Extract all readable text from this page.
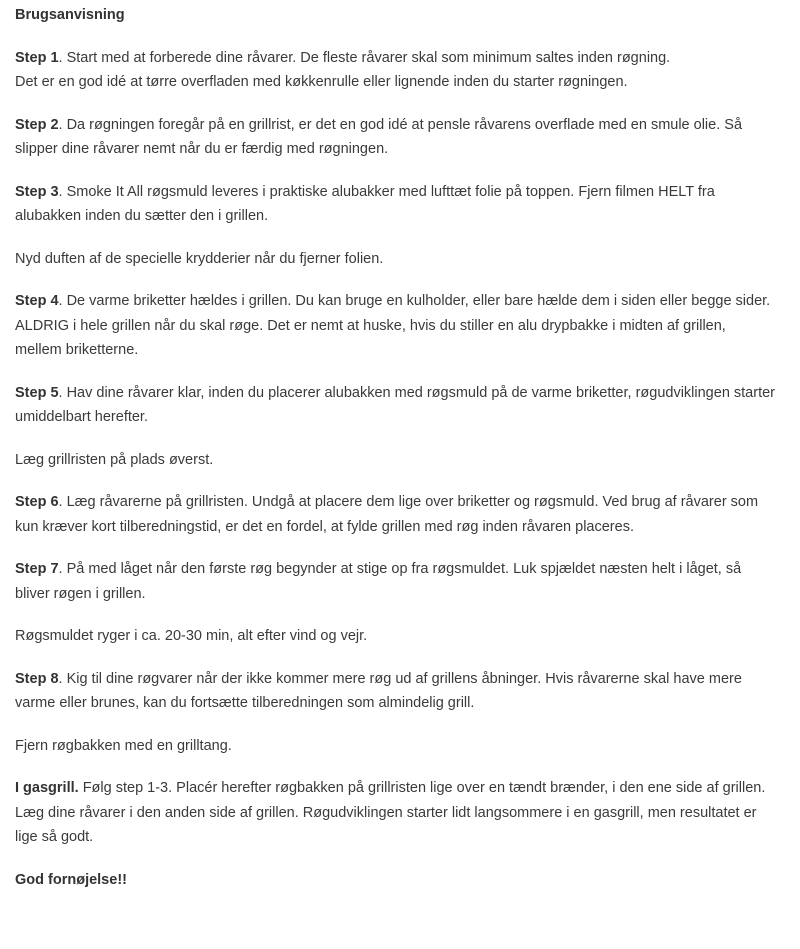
Brugsanvisning
Step 1. Start med at forberede dine råvarer. De fleste råvarer skal som minimum saltes inden røgning.
Det er en god idé at tørre overfladen med køkkenrulle eller lignende inden du starter røgningen.
Step 2. Da røgningen foregår på en grillrist, er det en god idé at pensle råvarens overflade med en smule olie. Så slipper dine råvarer nemt når du er færdig med røgningen.
Step 3. Smoke It All røgsmuld leveres i praktiske alubakker med lufttæt folie på toppen. Fjern filmen HELT fra alubakken inden du sætter den i grillen.
Nyd duften af de specielle krydderier når du fjerner folien.
Step 4. De varme briketter hældes i grillen. Du kan bruge en kulholder, eller bare hælde dem i siden eller begge sider. ALDRIG i hele grillen når du skal røge. Det er nemt at huske, hvis du stiller en alu drypbakke i midten af grillen, mellem briketterne.
Step 5. Hav dine råvarer klar, inden du placerer alubakken med røgsmuld på de varme briketter, røgudviklingen starter umiddelbart herefter.
Læg grillristen på plads øverst.
Step 6. Læg råvarerne på grillristen. Undgå at placere dem lige over briketter og røgsmuld. Ved brug af råvarer som kun kræver kort tilberedningstid, er det en fordel, at fylde grillen med røg inden råvaren placeres.
Step 7. På med låget når den første røg begynder at stige op fra røgsmuldet. Luk spjældet næsten helt i låget, så bliver røgen i grillen.
Røgsmuldet ryger i ca. 20-30 min, alt efter vind og vejr.
Step 8. Kig til dine røgvarer når der ikke kommer mere røg ud af grillens åbninger. Hvis råvarerne skal have mere varme eller brunes, kan du fortsætte tilberedningen som almindelig grill.
Fjern røgbakken med en grilltang.
I gasgrill. Følg step 1-3. Placér herefter røgbakken på grillristen lige over en tændt brænder, i den ene side af grillen. Læg dine råvarer i den anden side af grillen. Røgudviklingen starter lidt langsommere i en gasgrill, men resultatet er lige så godt.
God fornøjelse!!
